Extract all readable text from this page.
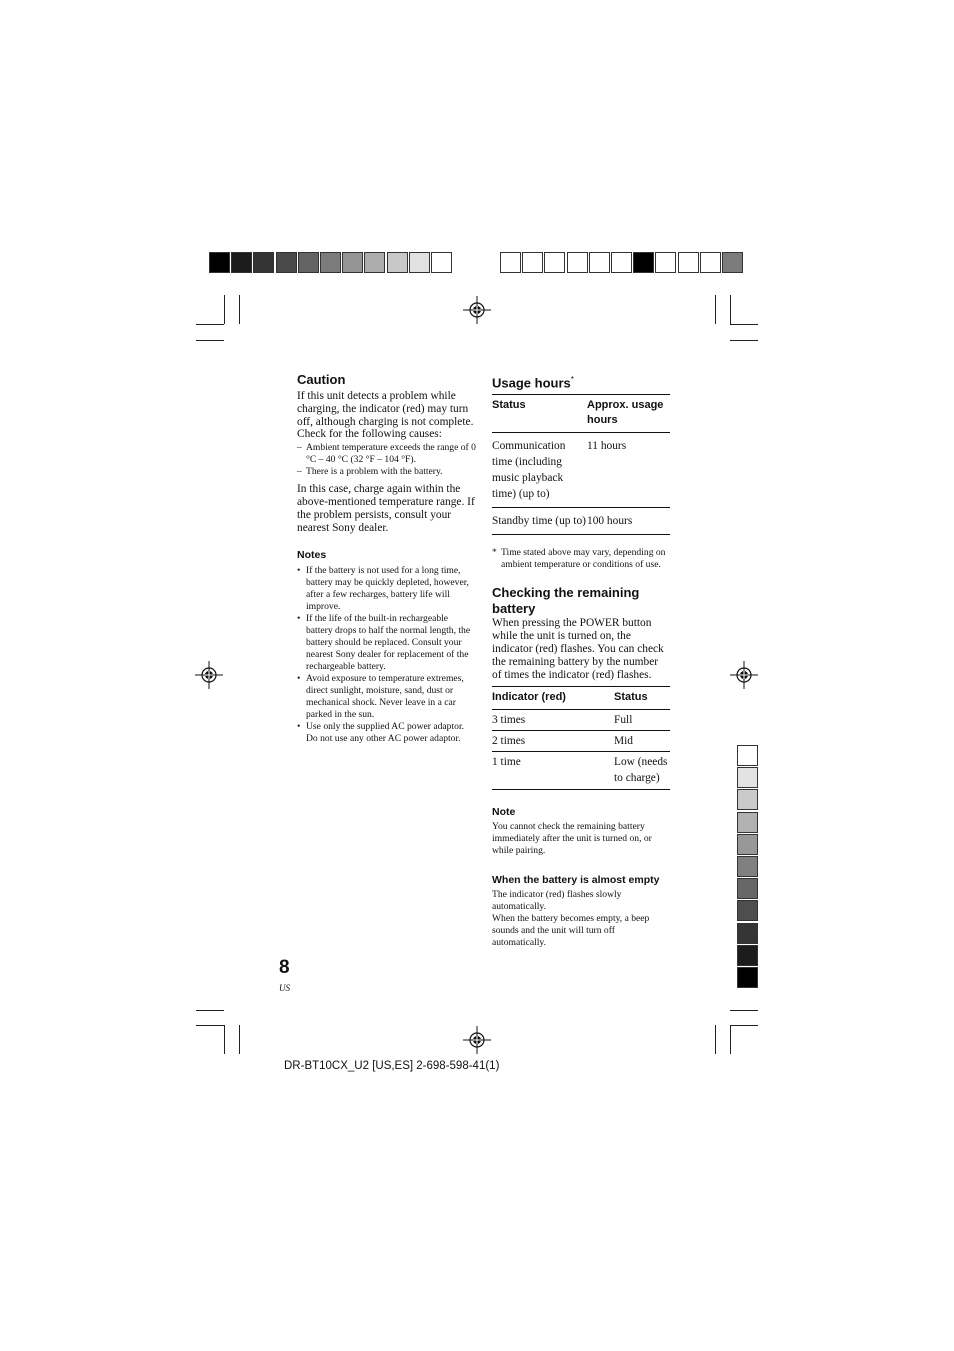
Caution

If this unit detects a problem while charging, the indicator (red) may turn off, although charging is not complete.

Check for the following causes:

– Ambient temperature exceeds the range of 0 °C – 40 °C (32 °F – 104 °F).
– There is a problem with the battery.

In this case, charge again within the above-mentioned temperature range. If the problem persists, consult your nearest Sony dealer.

Notes
• If the battery is not used for a long time, battery may be quickly depleted, however, after a few recharges, battery life will improve.
• If the life of the built-in rechargeable battery drops to half the normal length, the battery should be replaced. Consult your nearest Sony dealer for replacement of the rechargeable battery.
• Avoid exposure to temperature extremes, direct sunlight, moisture, sand, dust or mechanical shock. Never leave in a car parked in the sun.
• Use only the supplied AC power adaptor. Do not use any other AC power adaptor.
Usage hours*
Status	Approx. usage hours
Communication time (including music playback time) (up to)	11 hours
Standby time (up to)	100 hours
* Time stated above may vary, depending on ambient temperature or conditions of use.
Checking the remaining battery

When pressing the POWER button while the unit is turned on, the indicator (red) flashes. You can check the remaining battery by the number of times the indicator (red) flashes.

Indicator (red)	Status
3 times	Full
2 times	Mid
1 time	Low (needs to charge)
Note

You cannot check the remaining battery immediately after the unit is turned on, or while pairing.

When the battery is almost empty

The indicator (red) flashes slowly automatically.

When the battery becomes empty, a beep sounds and the unit will turn off automatically.

8
US
DR-BT10CX_U2 [US,ES] 2-698-598-41(1)
